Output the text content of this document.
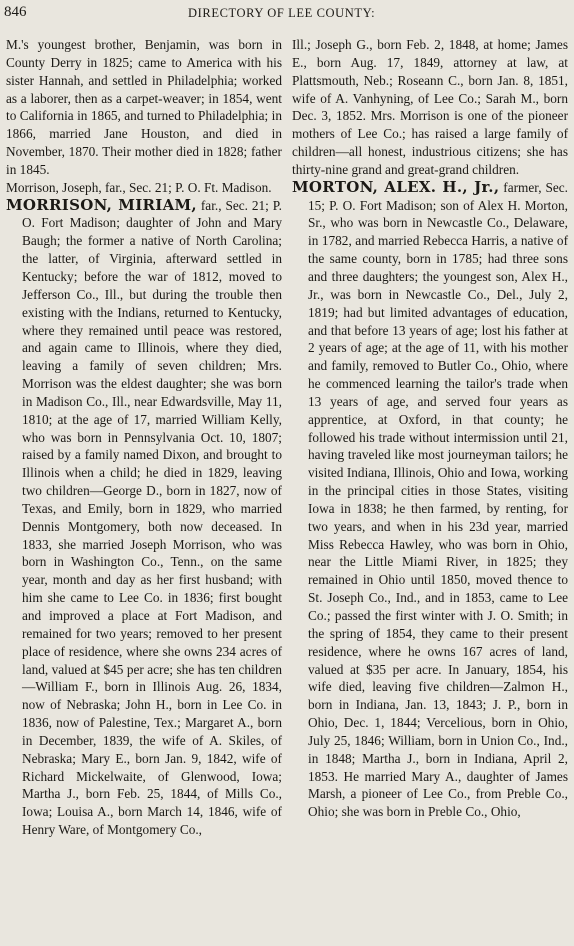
846	DIRECTORY OF LEE COUNTY:

M.'s youngest brother, Benjamin, was born in County Derry in 1825; came to America with his sister Hannah, and settled in Philadelphia; worked as a laborer, then as a carpet-weaver; in 1854, went to California in 1865, and turned to Philadelphia; in 1866, married Jane Houston, and died in November, 1870. Their mother died in 1828; father in 1845.

Morrison, Joseph, far., Sec. 21; P. O. Ft. Madison.

MORRISON, MIRIAM, far., Sec. 21; P. O. Fort Madison; daughter of John and Mary Baugh; the former a native of North Carolina; the latter, of Virginia, afterward settled in Kentucky; before the war of 1812, moved to Jefferson Co., Ill., but during the trouble then existing with the Indians, returned to Kentucky, where they remained until peace was restored, and again came to Illinois, where they died, leaving a family of seven children; Mrs. Morrison was the eldest daughter; she was born in Madison Co., Ill., near Edwardsville, May 11, 1810; at the age of 17, married William Kelly, who was born in Pennsylvania Oct. 10, 1807; raised by a family named Dixon, and brought to Illinois when a child; he died in 1829, leaving two children—George D., born in 1827, now of Texas, and Emily, born in 1829, who married Dennis Montgomery, both now deceased. In 1833, she married Joseph Morrison, who was born in Washington Co., Tenn., on the same year, month and day as her first husband; with him she came to Lee Co. in 1836; first bought and improved a place at Fort Madison, and remained for two years; removed to her present place of residence, where she owns 234 acres of land, valued at $45 per acre; she has ten children—William F., born in Illinois Aug. 26, 1834, now of Nebraska; John H., born in Lee Co. in 1836, now of Palestine, Tex.; Margaret A., born in December, 1839, the wife of A. Skiles, of Nebraska; Mary E., born Jan. 9, 1842, wife of Richard Mickelwaite, of Glenwood, Iowa; Martha J., born Feb. 25, 1844, of Mills Co., Iowa; Louisa A., born March 14, 1846, wife of Henry Ware, of Montgomery Co.,

Ill.; Joseph G., born Feb. 2, 1848, at home; James E., born Aug. 17, 1849, attorney at law, at Plattsmouth, Neb.; Roseann C., born Jan. 8, 1851, wife of A. Vanhyning, of Lee Co.; Sarah M., born Dec. 3, 1852. Mrs. Morrison is one of the pioneer mothers of Lee Co.; has raised a large family of children—all honest, industrious citizens; she has thirty-nine grand and great-grand children.

MORTON, ALEX. H., Jr., farmer, Sec. 15; P. O. Fort Madison; son of Alex H. Morton, Sr., who was born in Newcastle Co., Delaware, in 1782, and married Rebecca Harris, a native of the same county, born in 1785; had three sons and three daughters; the youngest son, Alex H., Jr., was born in Newcastle Co., Del., July 2, 1819; had but limited advantages of education, and that before 13 years of age; lost his father at 2 years of age; at the age of 11, with his mother and family, removed to Butler Co., Ohio, where he commenced learning the tailor's trade when 13 years of age, and served four years as apprentice, at Oxford, in that county; he followed his trade without intermission until 21, having traveled like most journeyman tailors; he visited Indiana, Illinois, Ohio and Iowa, working in the principal cities in those States, visiting Iowa in 1838; he then farmed, by renting, for two years, and when in his 23d year, married Miss Rebecca Hawley, who was born in Ohio, near the Little Miami River, in 1825; they remained in Ohio until 1850, moved thence to St. Joseph Co., Ind., and in 1853, came to Lee Co.; passed the first winter with J. O. Smith; in the spring of 1854, they came to their present residence, where he owns 167 acres of land, valued at $35 per acre. In January, 1854, his wife died, leaving five children—Zalmon H., born in Indiana, Jan. 13, 1843; J. P., born in Ohio, Dec. 1, 1844; Vercelious, born in Ohio, July 25, 1846; William, born in Union Co., Ind., in 1848; Martha J., born in Indiana, April 2, 1853. He married Mary A., daughter of James Marsh, a pioneer of Lee Co., from Preble Co., Ohio; she was born in Preble Co., Ohio,
